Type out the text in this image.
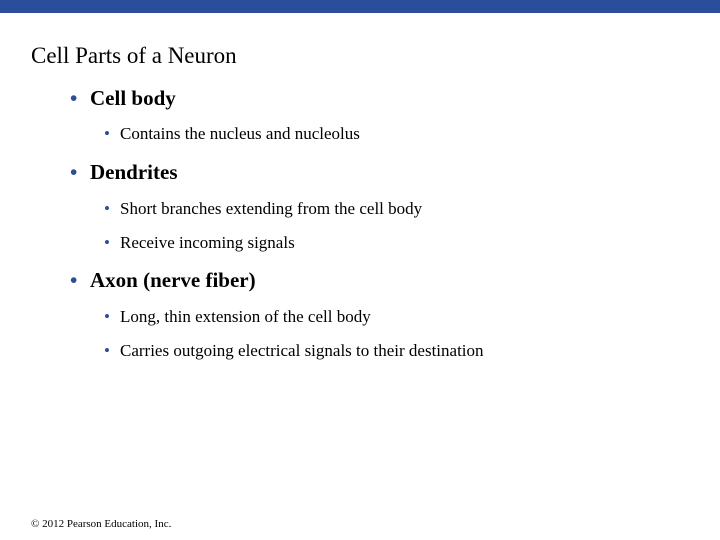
Cell Parts of a Neuron
• Cell body
• Contains the nucleus and nucleolus
• Dendrites
• Short branches extending from the cell body
• Receive incoming signals
• Axon (nerve fiber)
• Long, thin extension of the cell body
• Carries outgoing electrical signals to their destination
© 2012 Pearson Education, Inc.
